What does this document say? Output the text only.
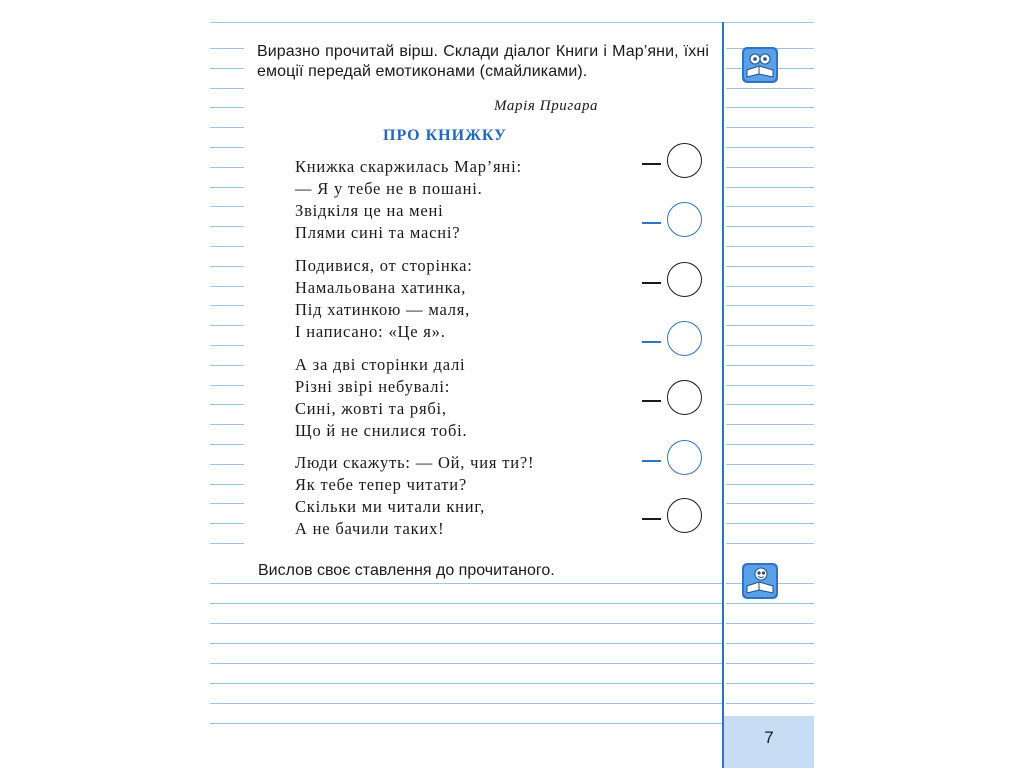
Виразно прочитай вірш. Склади діалог Книги і Мар’яни, їхні емоції передай емотиконами (смайликами).
Марія Пригара
ПРО КНИЖКУ
Книжка скаржилась Мар’яні:
— Я у тебе не в пошані.
Звідкіля це на мені
Плями сині та масні?
Подивися, от сторінка:
Намальована хатинка,
Під хатинкою — маля,
І написано: «Це я».
А за дві сторінки далі
Різні звірі небувалі:
Сині, жовті та рябі,
Що й не снилися тобі.
Люди скажуть: — Ой, чия ти?!
Як тебе тепер читати?
Скільки ми читали книг,
А не бачили таких!
Вислов своє ставлення до прочитаного.
7
